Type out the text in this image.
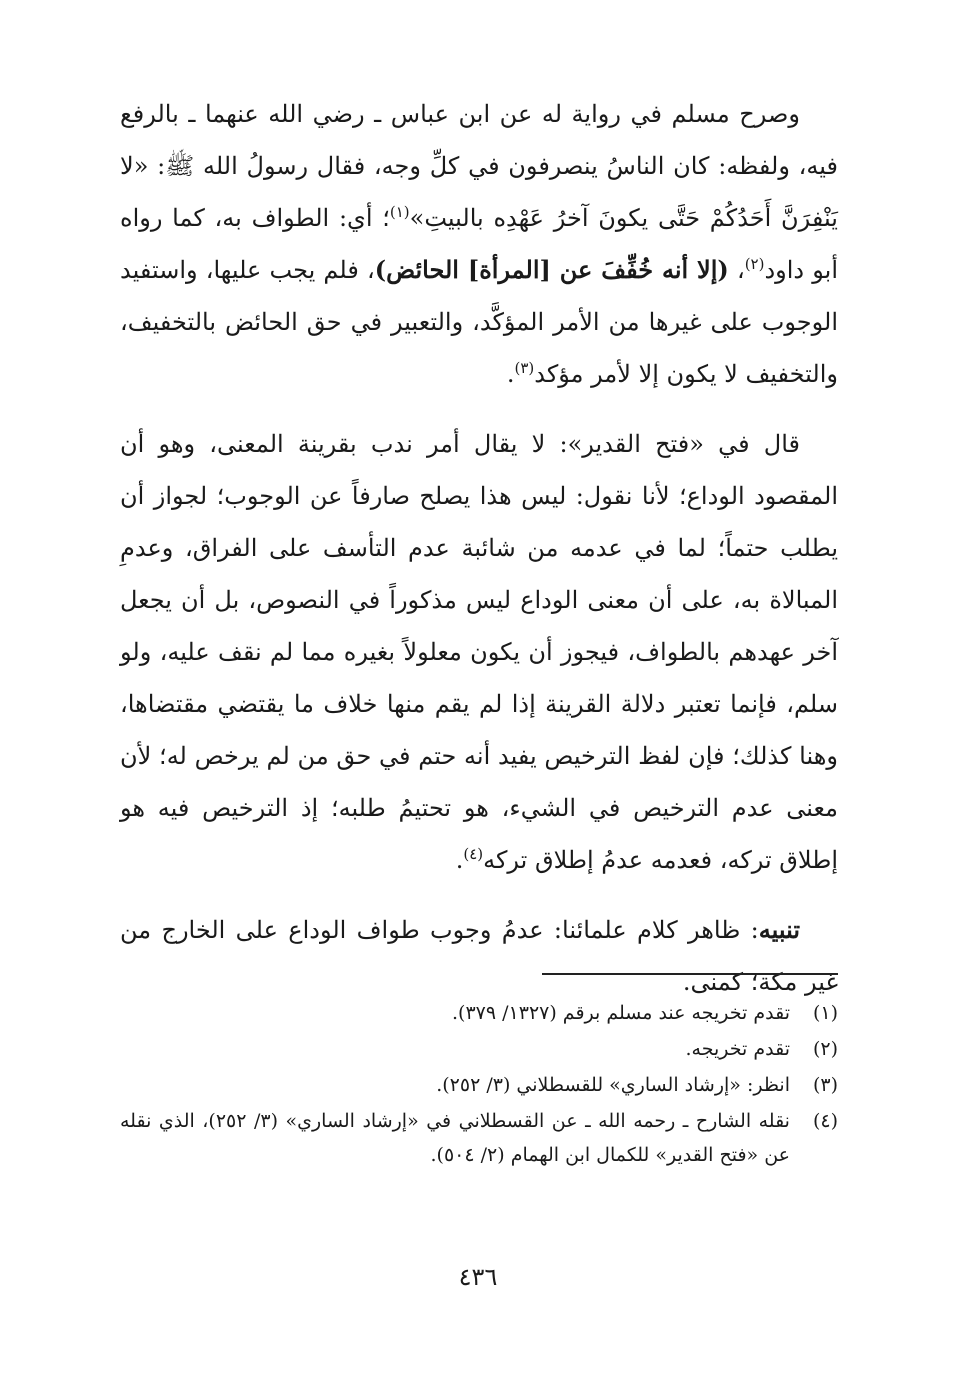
وصرح مسلم في رواية له عن ابن عباس ـ رضي الله عنهما ـ بالرفع فيه، ولفظه: كان الناسُ ينصرفون في كلِّ وجه، فقال رسولُ الله ﷺ: «لا يَنْفِرَنَّ أَحَدُكُمْ حَتَّى يكونَ آخرُ عَهْدِه بالبيتِ»$^{(١)}$؛ أي: الطواف به، كما رواه أبو داود$^{(٢)}$، (إلا أنه خُفِّفَ عن [المرأة] الحائض)، فلم يجب عليها، واستفيد الوجوب على غيرها من الأمر المؤكَّد، والتعبير في حق الحائض بالتخفيف، والتخفيف لا يكون إلا لأمر مؤكد$^{(٣)}$.

قال في «فتح القدير»: لا يقال أمر ندب بقرينة المعنى، وهو أن المقصود الوداع؛ لأنا نقول: ليس هذا يصلح صارفاً عن الوجوب؛ لجواز أن يطلب حتماً؛ لما في عدمه من شائبة عدم التأسف على الفراق، وعدمِ المبالاة به، على أن معنى الوداع ليس مذكوراً في النصوص، بل أن يجعل آخر عهدهم بالطواف، فيجوز أن يكون معلولاً بغيره مما لم نقف عليه، ولو سلم، فإنما تعتبر دلالة القرينة إذا لم يقم منها خلاف ما يقتضي مقتضاها، وهنا كذلك؛ فإن لفظ الترخيص يفيد أنه حتم في حق من لم يرخص له؛ لأن معنى عدم الترخيص في الشيء، هو تحتيمُ طلبه؛ إذ الترخيص فيه هو إطلاق تركه، فعدمه عدمُ إطلاق تركه$^{(٤)}$.

تنبيه: ظاهر كلام علمائنا: عدمُ وجوب طواف الوداع على الخارج من غير مكة؛ كمنى.

(١)
تقدم تخريجه عند مسلم برقم (١٣٢٧/ ٣٧٩).
(٢)
تقدم تخريجه.
(٣)
انظر: «إرشاد الساري» للقسطلاني (٣/ ٢٥٢).
(٤)
نقله الشارح ـ رحمه الله ـ عن القسطلاني في «إرشاد الساري» (٣/ ٢٥٢)، الذي نقله عن «فتح القدير» للكمال ابن الهمام (٢/ ٥٠٤).
٤٣٦
